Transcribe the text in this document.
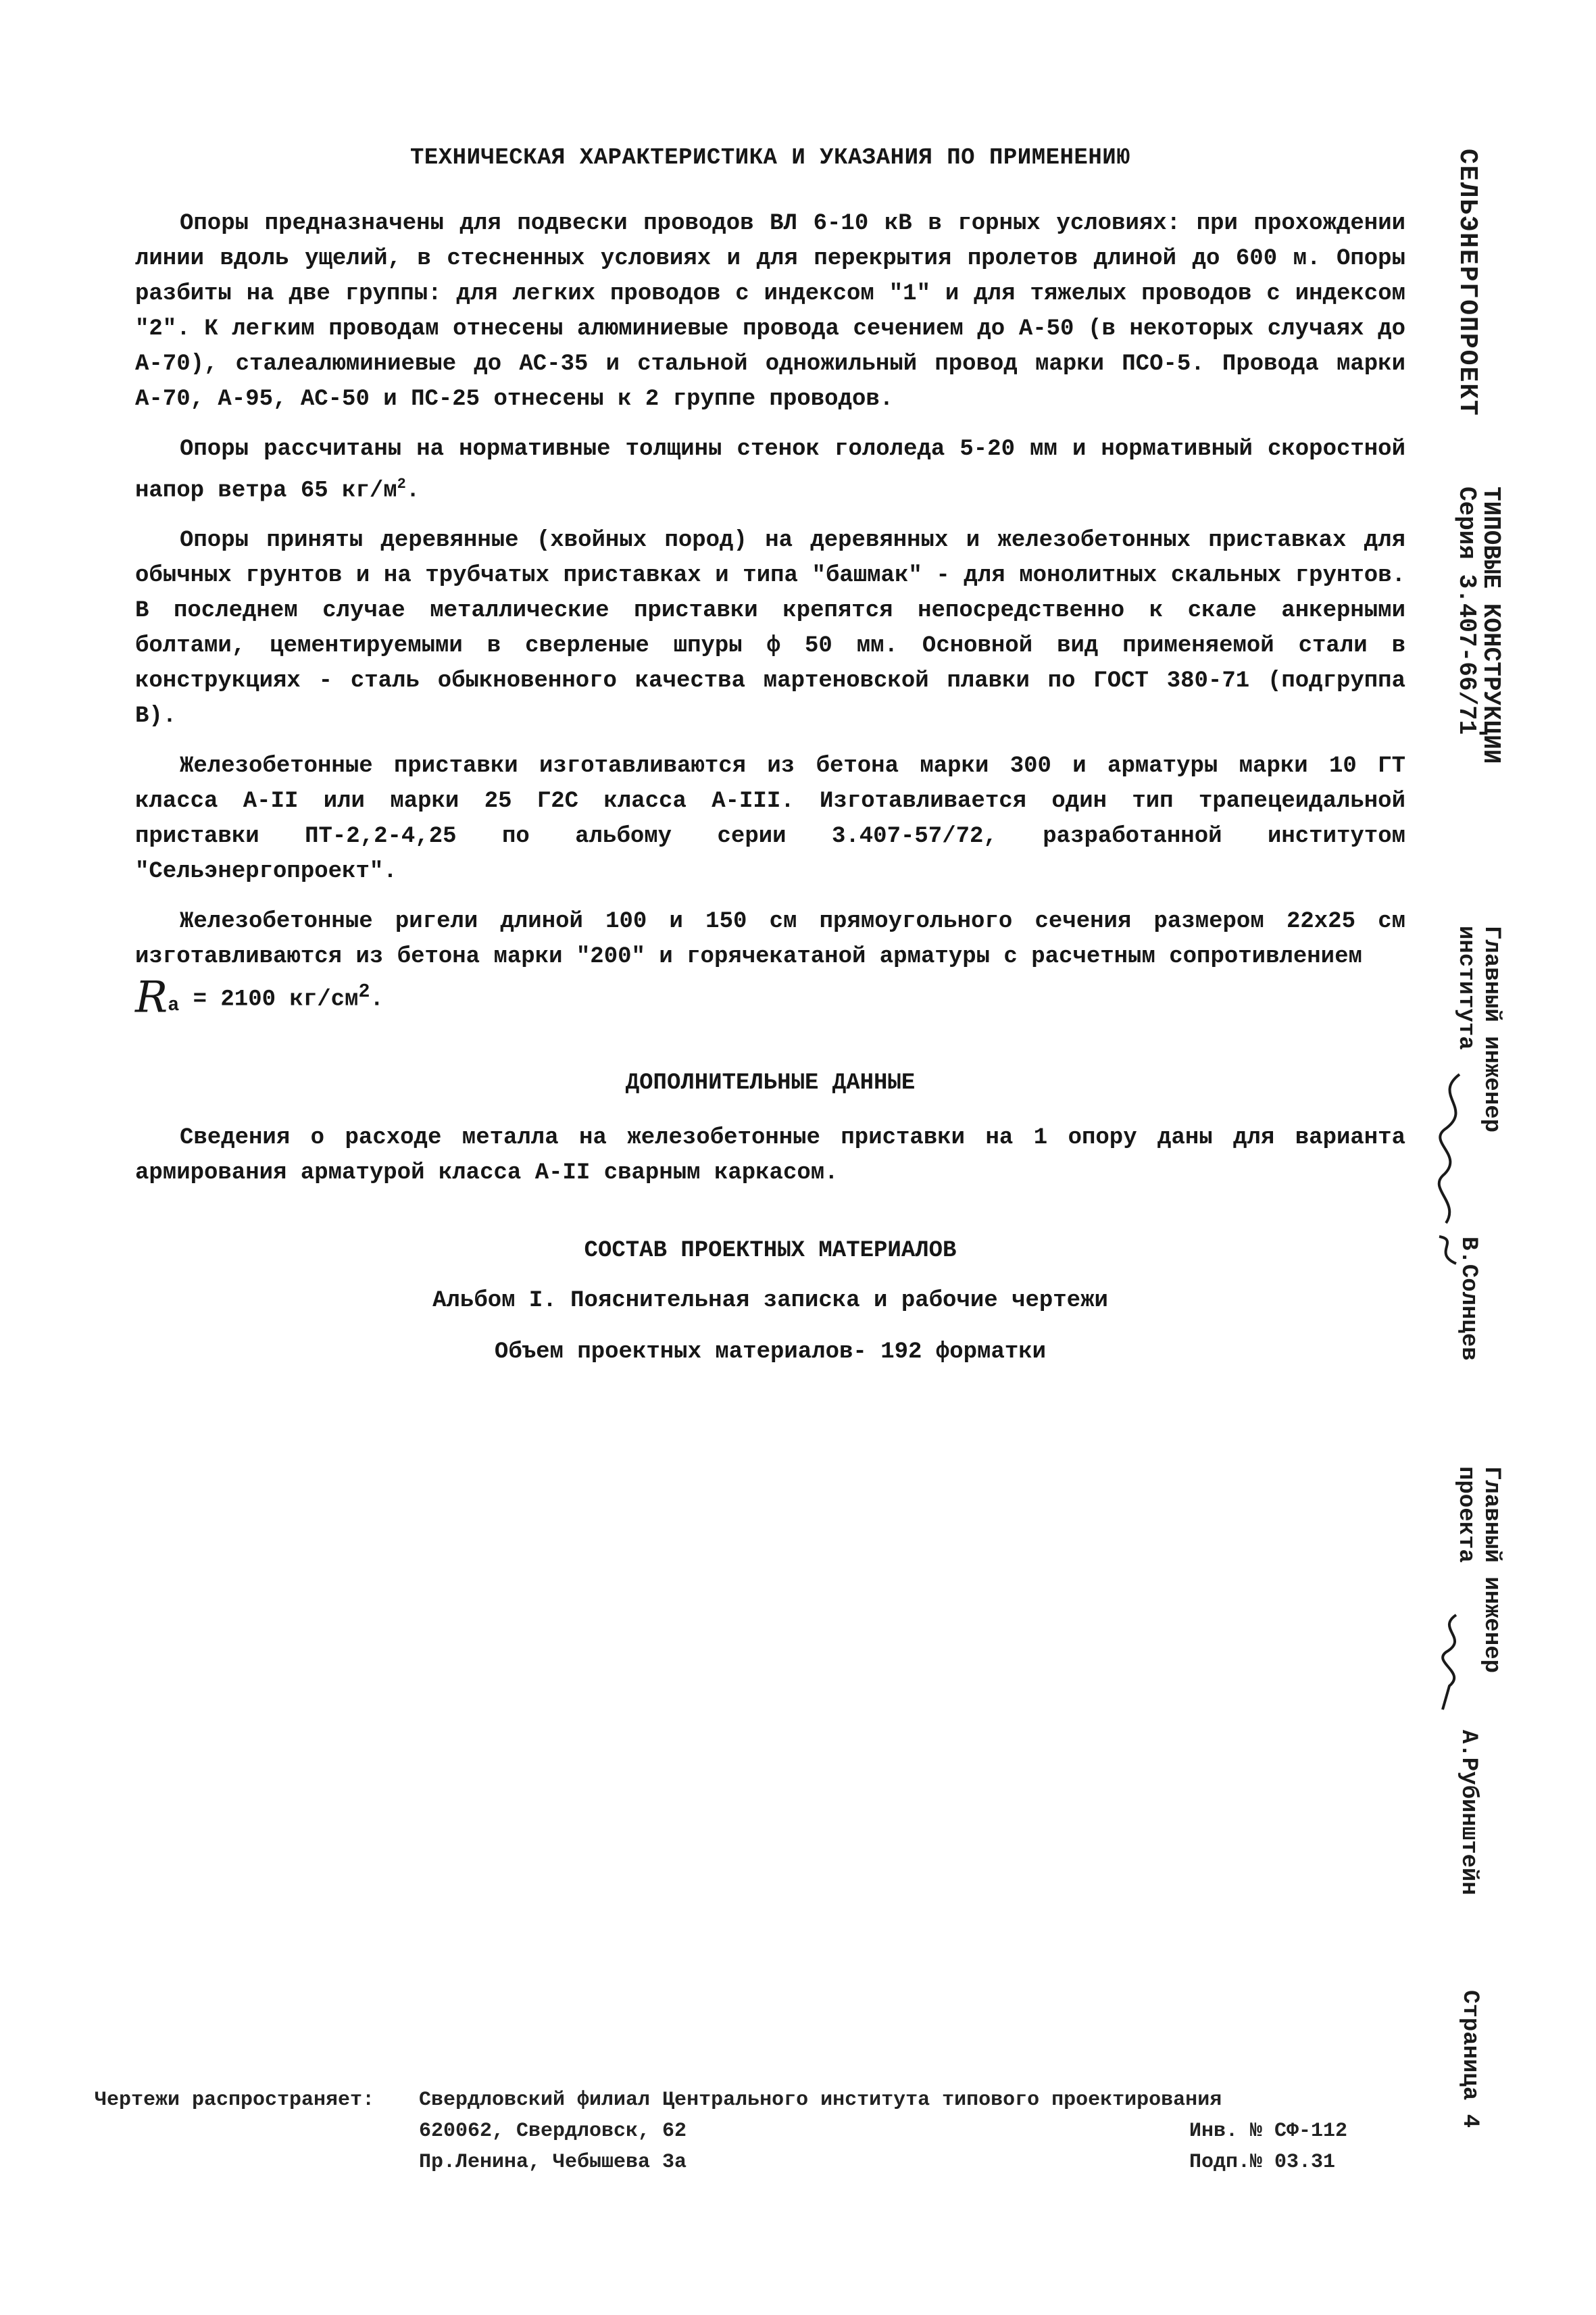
ТЕХНИЧЕСКАЯ ХАРАКТЕРИСТИКА И УКАЗАНИЯ ПО ПРИМЕНЕНИЮ

Опоры предназначены для подвески проводов ВЛ 6-10 кВ в горных условиях: при прохождении линии вдоль ущелий, в стесненных условиях и для перекрытия пролетов длиной до 600 м. Опоры разбиты на две группы: для легких проводов с индексом "1" и для тяжелых проводов с индексом "2". К легким проводам отнесены алюминиевые провода сечением до А-50 (в некоторых случаях до А-70), сталеалюминиевые до АС-35 и стальной одножильный провод марки ПСО-5. Провода марки А-70, А-95, АС-50 и ПС-25 отнесены к 2 группе проводов.

Опоры рассчитаны на нормативные толщины стенок гололеда 5-20 мм и нормативный скоростной напор ветра 65 $кг/м^2$.

Опоры приняты деревянные (хвойных пород) на деревянных и железобетонных приставках для обычных грунтов и на трубчатых приставках и типа "башмак" - для монолитных скальных грунтов. В последнем случае металлические приставки крепятся непосредственно к скале анкерными болтами, цементируемыми в сверленые шпуры ф 50 мм. Основной вид применяемой стали в конструкциях - сталь обыкновенного качества мартеновской плавки по ГОСТ 380-71 (подгруппа В).

Железобетонные приставки изготавливаются из бетона марки 300 и арматуры марки 10 ГТ класса А-II или марки 25 Г2С класса А-III. Изготавливается один тип трапецеидальной приставки ПТ-2,2-4,25 по альбому серии 3.407-57/72, разработанной институтом "Сельэнергопроект".

Железобетонные ригели длиной 100 и 150 см прямоугольного сечения размером 22х25 см изготавливаются из бетона марки "200" и горячекатаной арматуры с расчетным сопротивлением

$R_а = 2100$ $кг/см^2$.
ДОПОЛНИТЕЛЬНЫЕ ДАННЫЕ

Сведения о расходе металла на железобетонные приставки на 1 опору даны для варианта армирования арматурой класса А-II сварным каркасом.

СОСТАВ ПРОЕКТНЫХ МАТЕРИАЛОВ
Альбом I. Пояснительная записка и рабочие чертежи
Объем проектных материалов- 192 форматки
Чертежи распространяет:	Свердловский филиал Центрального института типового проектирования
620062, Свердловск, 62	Инв. № СФ-112
Пр.Ленина, Чебышева 3а	Подп.№ 03.31
СЕЛЬЭНЕРГОПРОЕКТ
ТИПОВЫЕ КОНСТРУКЦИИ
Серия 3.407-66/71
Главный инженер
института
В.Солнцев
Главный инженер
проекта
А.Рубинштейн
Страница 4
